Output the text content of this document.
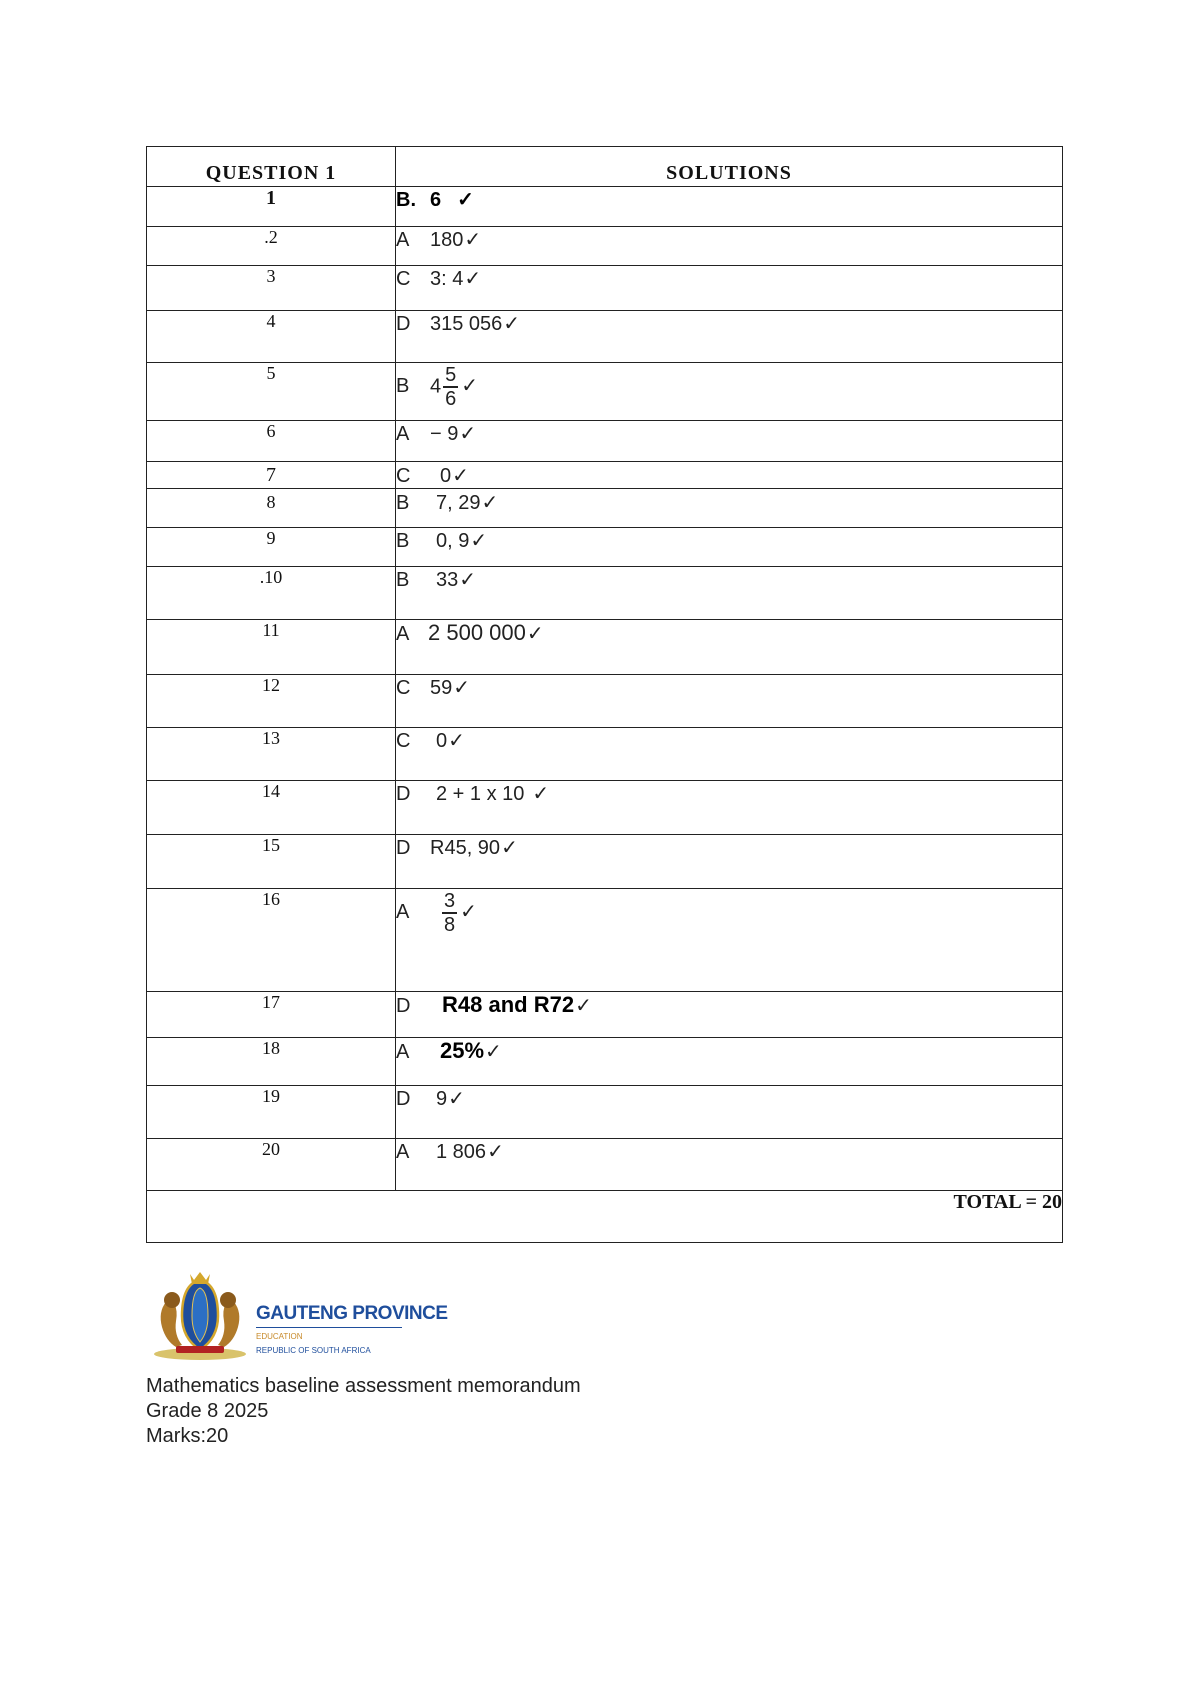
QUESTION 1	SOLUTIONS
1	B. 6 ✓
.2	A 180✓
3	C 3: 4✓
4	D 315 056✓
5	B $4 \frac{5}{6}$ ✓
6	A − 9✓
7	C 0✓
8	B 7, 29✓
9	B 0, 9✓
.10	B 33✓
11	A 2 500 000✓
12	C 59✓
13	C 0✓
14	D 2 + 1 x 10 ✓
15	D R45, 90✓
16	A $\frac{3}{8}$ ✓
17	D R48 and R72✓
18	A 25%✓
19	D 9✓
20	A 1 806✓
TOTAL = 20	
GAUTENG PROVINCE
EDUCATION
REPUBLIC OF SOUTH AFRICA
Mathematics baseline assessment memorandum
Grade 8 2025
Marks:20
